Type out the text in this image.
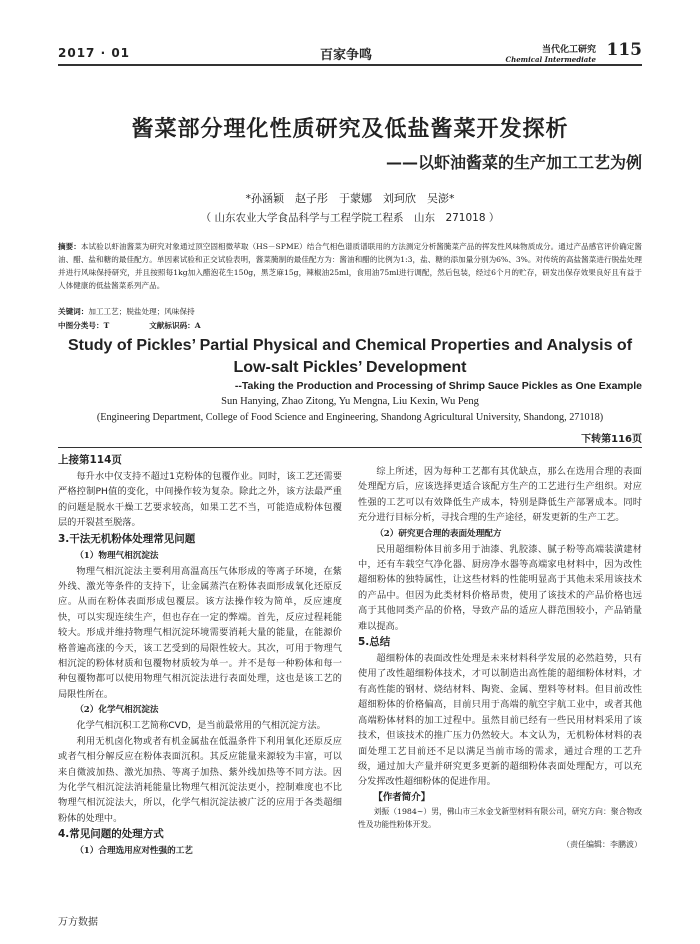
2017 · 01	百家争鸣	当代化工研究
Chemical Intermediate 115
酱菜部分理化性质研究及低盐酱菜开发探析
——以虾油酱菜的生产加工工艺为例
*孙涵颖　赵子彤　于蒙娜　刘珂欣　吴澎*
（ 山东农业大学食品科学与工程学院工程系　山东　271018 ）
摘要：本试验以虾油酱菜为研究对象通过顶空固相微萃取（HS－SPME）结合气相色谱质谱联用的方法测定分析酱腌菜产品的挥发性风味物质成分。通过产品感官评价确定酱油、醋、盐和糖的最佳配方。单因素试验和正交试验表明，酱菜腌制的最佳配方为：酱油和醋的比例为1:3，盐、糖的添加量分别为6%、3%。对传统的高盐酱菜进行脱盐处理并进行风味保持研究，并且按照每1kg加入醋泡花生150g，黑芝麻15g，辣椒油25ml，食用油75ml进行调配，然后包装，经过6个月的贮存，研发出保存效果良好且有益于人体健康的低盐酱菜系列产品。
关键词：加工工艺；脱盐处理；风味保持
中图分类号：T	文献标识码：A
Study of Pickles’ Partial Physical and Chemical Properties and Analysis of Low-salt Pickles’ Development
--Taking the Production and Processing of Shrimp Sauce Pickles as One Example
Sun Hanying, Zhao Zitong, Yu Mengna, Liu Kexin, Wu Peng
(Engineering Department, College of Food Science and Engineering, Shandong Agricultural University, Shandong, 271018)
下转第116页
上接第114页

每升水中仅支持不超过1克粉体的包覆作业。同时，该工艺还需要严格控制PH值的变化，中间操作较为复杂。除此之外，该方法最严重的问题是脱水干燥工艺要求较高，如果工艺不当，可能造成粉体包覆层的开裂甚至脱落。

3.干法无机粉体处理常见问题
（1）物理气相沉淀法

物理气相沉淀法主要利用高温高压气体形成的等离子环境，在紫外线、激光等条件的支持下，让金属蒸汽在粉体表面形成氧化还原反应。从而在粉体表面形成包覆层。该方法操作较为简单，反应速度快，可以实现连续生产，但也存在一定的弊端。首先，反应过程耗能较大。形成并维持物理气相沉淀环境需要消耗大量的能量，在能源价格普遍高涨的今天，该工艺受到的局限性较大。其次，可用于物理气相沉淀的粉体材质和包覆物材质较为单一。并不是每一种粉体和每一种包覆物都可以使用物理气相沉淀法进行表面处理，这也是该工艺的局限性所在。

（2）化学气相沉淀法

化学气相沉积工艺简称CVD，是当前最常用的气相沉淀方法。

利用无机卤化物或者有机金属盐在低温条件下利用氧化还原反应或者气相分解反应在粉体表面沉积。其反应能量来源较为丰富，可以来自微波加热、激光加热、等离子加热、紫外线加热等不同方法。因为化学气相沉淀法消耗能量比物理气相沉淀法更小，控制难度也不比物理气相沉淀法大，所以，化学气相沉淀法被广泛的应用于各类超细粉体的处理中。

4.常见问题的处理方式
（1）合理选用应对性强的工艺

综上所述，因为每种工艺都有其优缺点，那么在选用合理的表面处理配方后，应该选择更适合该配方生产的工艺进行生产组织。对应性强的工艺可以有效降低生产成本，特别是降低生产部署成本。同时充分进行目标分析，寻找合理的生产途径，研发更新的生产工艺。

（2）研究更合理的表面处理配方

民用超细粉体目前多用于油漆、乳胶漆、腻子粉等高端装潢建材中，还有车载空气净化器、厨房净水器等高端家电材料中，因为改性超细粉体的独特属性，让这些材料的性能明显高于其他未采用该技术的产品中。但因为此类材料价格昂贵，使用了该技术的产品价格也远高于其他同类产品的价格，导致产品的适应人群范围较小，产品销量难以提高。

5.总结

超细粉体的表面改性处理是未来材料科学发展的必然趋势，只有使用了改性超细粉体技术，才可以制造出高性能的超细粉体材料，才有高性能的钢材、烧结材料、陶瓷、金属、塑料等材料。但目前改性超细粉体的价格偏高，目前只用于高端的航空宇航工业中，或者其他高端粉体材料的加工过程中。虽然目前已经有一些民用材料采用了该技术，但该技术的推广压力仍然较大。本文认为，无机粉体材料的表面处理工艺目前还不足以满足当前市场的需求，通过合理的工艺升级，通过加大产量并研究更多更新的超细粉体表面处理配方，可以充分发挥改性超细粉体的促进作用。

【作者简介】

刘振（1984~）男，佛山市三水金戈新型材料有限公司，研究方向：聚合物改性及功能性粉体开发。

（责任编辑：李鹏波）
万方数据
